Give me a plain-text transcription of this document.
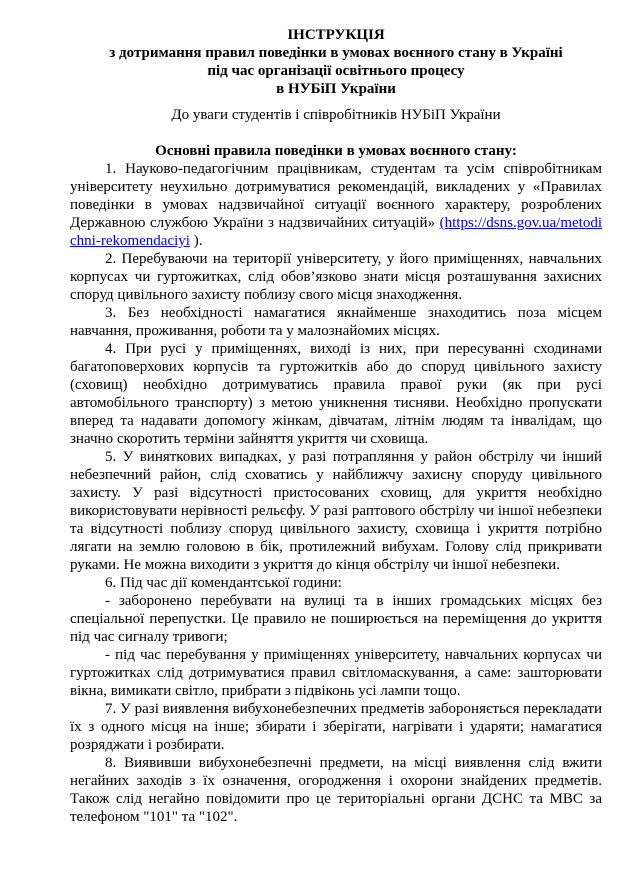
ІНСТРУКЦІЯ
з дотримання правил поведінки в умовах воєнного стану в Україні
під час організації освітнього процесу
в НУБіП України
До уваги студентів і співробітників НУБіП України
Основні правила поведінки в умовах воєнного стану:

1. Науково-педагогічним працівникам, студентам та усім співробітникам університету неухильно дотримуватися рекомендацій, викладених у «Правилах поведінки в умовах надзвичайної ситуації воєнного характеру, розроблених Державною службою України з надзвичайних ситуацій» (https://dsns.gov.ua/metodichni-rekomendaciyi ).

2. Перебуваючи на території університету, у його приміщеннях, навчальних корпусах чи гуртожитках, слід обов’язково знати місця розташування захисних споруд цивільного захисту поблизу свого місця знаходження.

3. Без необхідності намагатися якнайменше знаходитись поза місцем навчання, проживання, роботи та у малознайомих місцях.

4. При русі у приміщеннях, виході із них, при пересуванні сходинами багатоповерхових корпусів та гуртожитків або до споруд цивільного захисту (сховищ) необхідно дотримуватись правила правої руки (як при русі автомобільного транспорту) з метою уникнення тисняви. Необхідно пропускати вперед та надавати допомогу жінкам, дівчатам, літнім людям та інвалідам, що значно скоротить терміни зайняття укриття чи сховища.

5. У виняткових випадках, у разі потрапляння у район обстрілу чи інший небезпечний район, слід сховатись у найближчу захисну споруду цивільного захисту. У разі відсутності пристосованих сховищ, для укриття необхідно використовувати нерівності рельєфу. У разі раптового обстрілу чи іншої небезпеки та відсутності поблизу споруд цивільного захисту, сховища і укриття потрібно лягати на землю головою в бік, протилежний вибухам. Голову слід прикривати руками. Не можна виходити з укриття до кінця обстрілу чи іншої небезпеки.

6. Під час дії комендантської години:

- заборонено перебувати на вулиці та в інших громадських місцях без спеціальної перепустки. Це правило не поширюється на переміщення до укриття під час сигналу тривоги;

- під час перебування у приміщеннях університету, навчальних корпусах чи гуртожитках слід дотримуватися правил світломаскування, а саме: зашторювати вікна, вимикати світло, прибрати з підвіконь усі лампи тощо.

7. У разі виявлення вибухонебезпечних предметів забороняється перекладати їх з одного місця на інше; збирати і зберігати, нагрівати і ударяти; намагатися розряджати і розбирати.

8. Виявивши вибухонебезпечні предмети, на місці виявлення слід вжити негайних заходів з їх означення, огородження і охорони знайдених предметів. Також слід негайно повідомити про це територіальні органи ДСНС та МВС за телефоном "101" та "102".
